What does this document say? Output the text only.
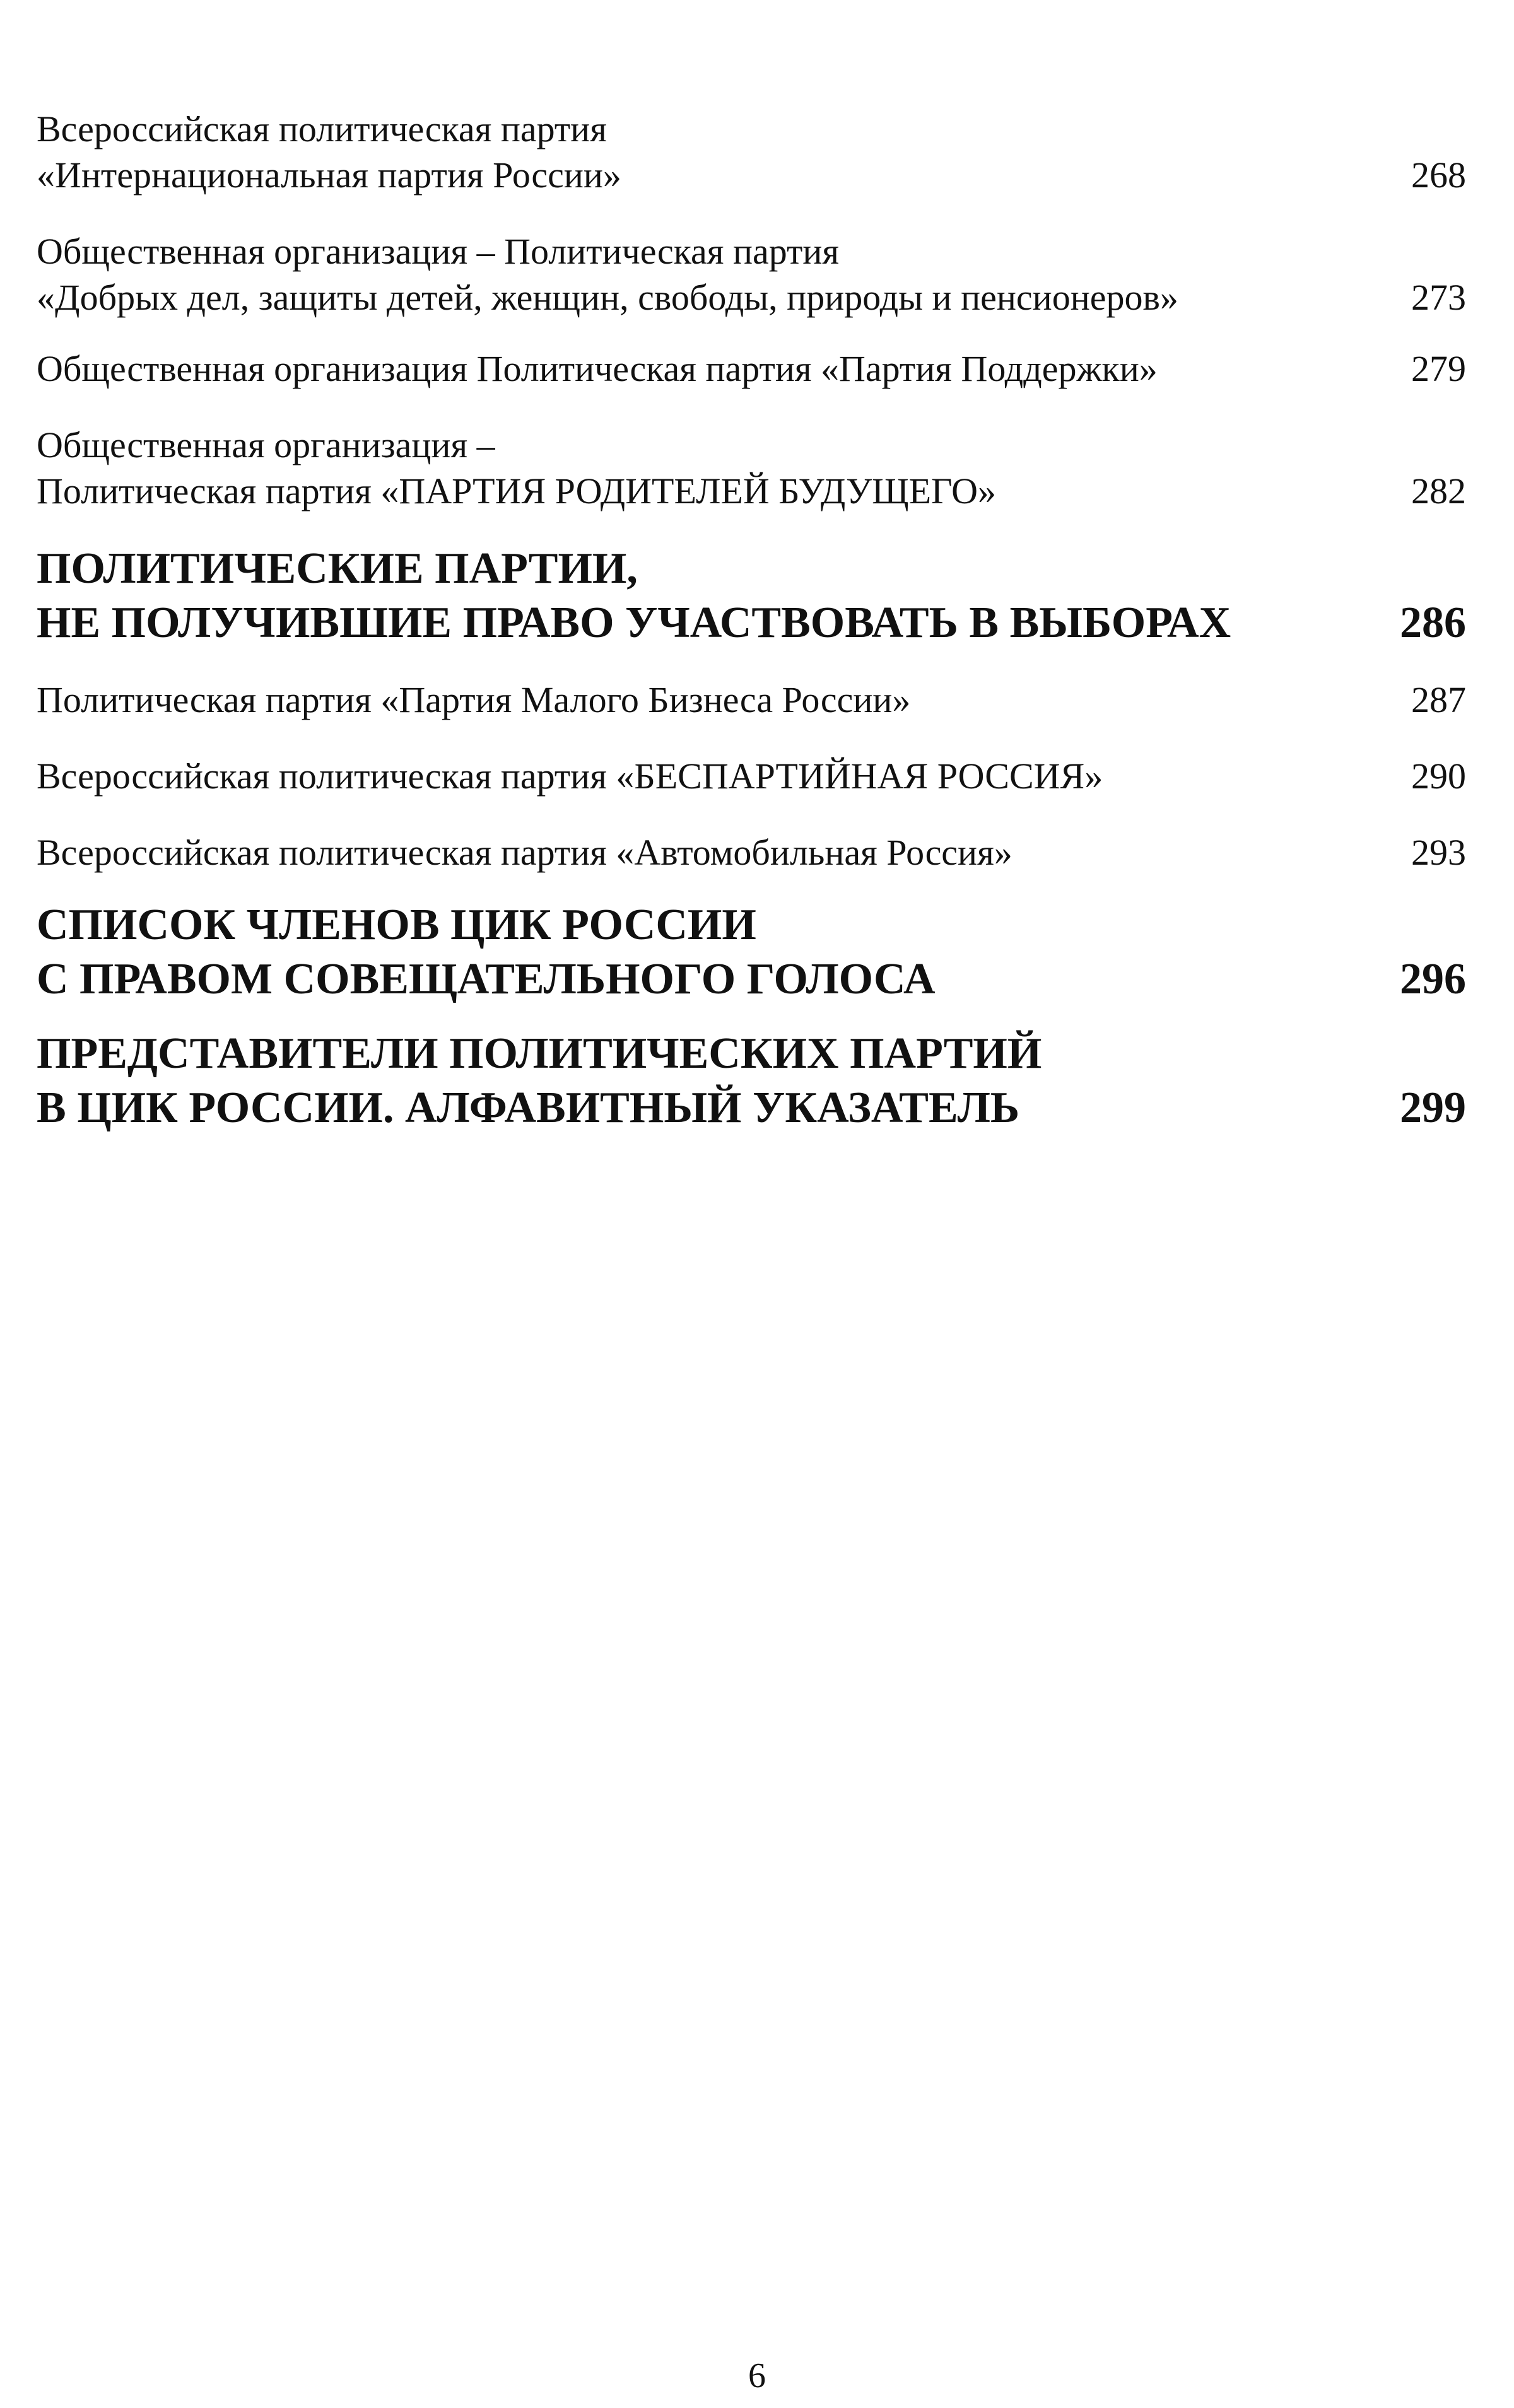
Всероссийская политическая партия
«Интернациональная партия России»	268
Общественная организация – Политическая партия
«Добрых дел, защиты детей, женщин, свободы, природы и пенсионеров»	273
Общественная организация Политическая партия «Партия Поддержки»	279
Общественная организация –
Политическая партия «ПАРТИЯ РОДИТЕЛЕЙ БУДУЩЕГО»	282
ПОЛИТИЧЕСКИЕ ПАРТИИ,
НЕ ПОЛУЧИВШИЕ ПРАВО УЧАСТВОВАТЬ В ВЫБОРАХ	286
Политическая партия «Партия Малого Бизнеса России»	287
Всероссийская политическая партия «БЕСПАРТИЙНАЯ РОССИЯ»	290
Всероссийская политическая партия «Автомобильная Россия»	293
СПИСОК ЧЛЕНОВ ЦИК РОССИИ
С ПРАВОМ СОВЕЩАТЕЛЬНОГО ГОЛОСА	296
ПРЕДСТАВИТЕЛИ ПОЛИТИЧЕСКИХ ПАРТИЙ
В ЦИК РОССИИ. АЛФАВИТНЫЙ УКАЗАТЕЛЬ	299
6
